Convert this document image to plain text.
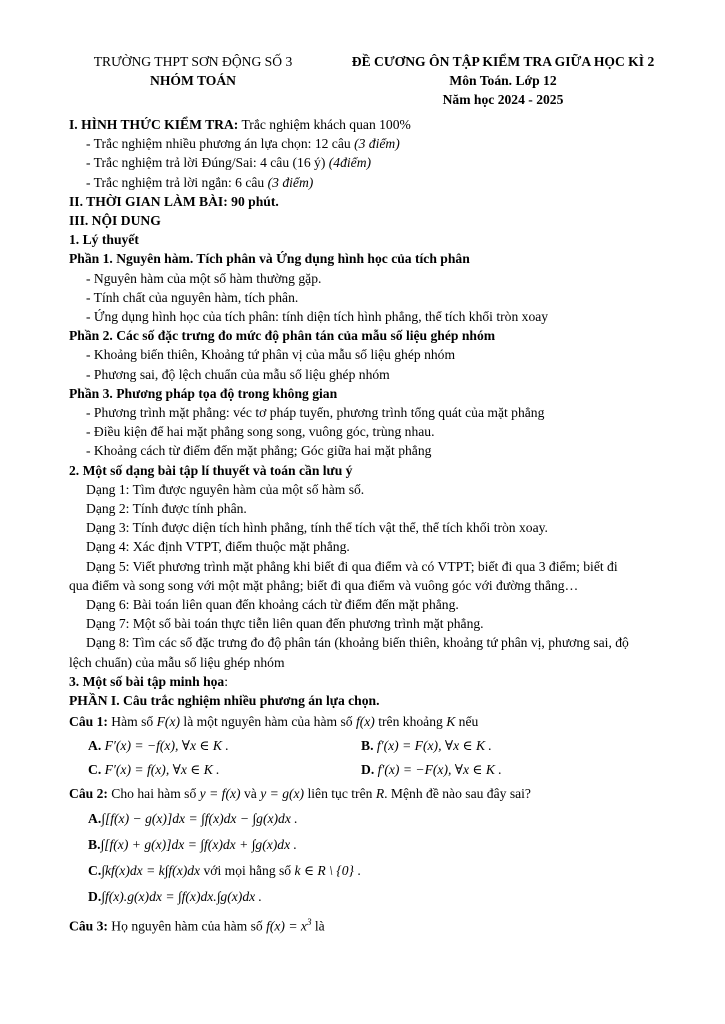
TRƯỜNG THPT SƠN ĐỘNG SỐ 3
NHÓM TOÁN
ĐỀ CƯƠNG ÔN TẬP KIỂM TRA GIỮA HỌC KÌ 2
Môn Toán. Lớp 12
Năm học 2024 - 2025
I. HÌNH THỨC KIỂM TRA: Trắc nghiệm khách quan 100%
- Trắc nghiệm nhiều phương án lựa chọn: 12 câu (3 điểm)
- Trắc nghiệm trả lời Đúng/Sai: 4 câu (16 ý) (4điểm)
- Trắc nghiệm trả lời ngắn: 6 câu (3 điểm)
II. THỜI GIAN LÀM BÀI: 90 phút.
III. NỘI DUNG
1. Lý thuyết
Phần 1. Nguyên hàm. Tích phân và Ứng dụng hình học của tích phân
- Nguyên hàm của một số hàm thường gặp.
- Tính chất của nguyên hàm, tích phân.
- Ứng dụng hình học của tích phân: tính diện tích hình phẳng, thể tích khối tròn xoay
Phần 2. Các số đặc trưng đo mức độ phân tán của mẫu số liệu ghép nhóm
- Khoảng biến thiên, Khoảng tứ phân vị của mẫu số liệu ghép nhóm
- Phương sai, độ lệch chuẩn của mẫu số liệu ghép nhóm
Phần 3. Phương pháp tọa độ trong không gian
- Phương trình mặt phẳng: véc tơ pháp tuyến, phương trình tổng quát của mặt phẳng
- Điều kiện để hai mặt phẳng song song, vuông góc, trùng nhau.
- Khoảng cách từ điểm đến mặt phẳng; Góc giữa hai mặt phẳng
2. Một số dạng bài tập lí thuyết và toán cần lưu ý
Dạng 1: Tìm được nguyên hàm của một số hàm số.
Dạng 2: Tính được tính phân.
Dạng 3: Tính được diện tích hình phẳng, tính thể tích vật thể, thể tích khối tròn xoay.
Dạng 4: Xác định VTPT, điểm thuộc mặt phẳng.
Dạng 5: Viết phương trình mặt phẳng khi biết đi qua điểm và có VTPT; biết đi qua 3 điểm; biết đi
qua điểm và song song với một mặt phẳng; biết đi qua điểm và vuông góc với đường thẳng…
Dạng 6: Bài toán liên quan đến khoảng cách từ điểm đến mặt phẳng.
Dạng 7: Một số bài toán thực tiễn liên quan đến phương trình mặt phẳng.
Dạng 8: Tìm các số đặc trưng đo độ phân tán (khoảng biến thiên, khoảng tứ phân vị, phương sai, độ
lệch chuẩn) của mẫu số liệu ghép nhóm
3. Một số bài tập minh họa:
PHẦN I. Câu trắc nghiệm nhiều phương án lựa chọn.
Câu 1: Hàm số F(x) là một nguyên hàm của hàm số f(x) trên khoảng K nếu
A. F′(x) = −f(x), ∀x ∈ K .	B. f′(x) = F(x), ∀x ∈ K .
C. F′(x) = f(x), ∀x ∈ K .	D. f′(x) = −F(x), ∀x ∈ K .
Câu 2: Cho hai hàm số y = f(x) và y = g(x) liên tục trên R. Mệnh đề nào sau đây sai?
A.∫[f(x) − g(x)]dx = ∫f(x)dx − ∫g(x)dx .
B.∫[f(x) + g(x)]dx = ∫f(x)dx + ∫g(x)dx .
C.∫kf(x)dx = k∫f(x)dx với mọi hằng số k ∈ R \ {0} .
D.∫f(x).g(x)dx = ∫f(x)dx.∫g(x)dx .
Câu 3: Họ nguyên hàm của hàm số $f(x) = x^3$ là
